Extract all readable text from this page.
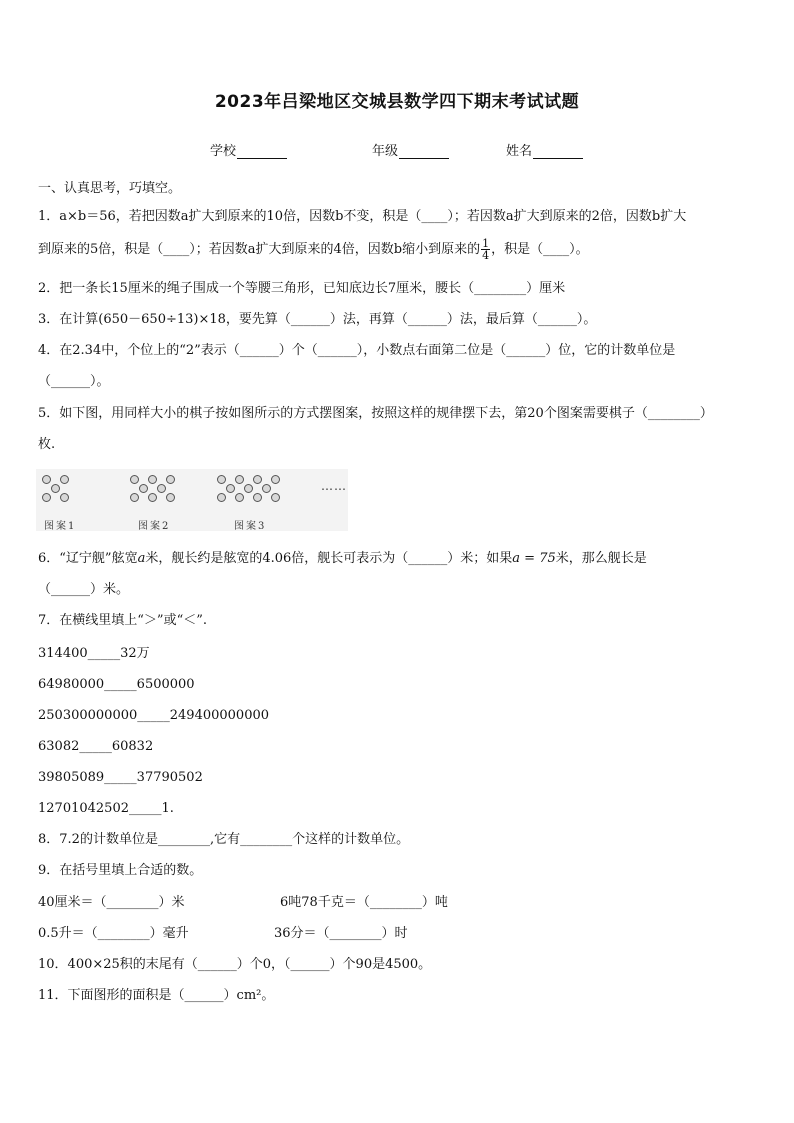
2023年吕梁地区交城县数学四下期末考试试题
学校	年级	姓名
一、认真思考，巧填空。
1．a×b＝56，若把因数a扩大到原来的10倍，因数b不变，积是（____）；若因数a扩大到原来的2倍，因数b扩大
到原来的5倍，积是（____）；若因数a扩大到原来的4倍，因数b缩小到原来的 $\frac{1}{4}$ ，积是（____）。
2．把一条长15厘米的绳子围成一个等腰三角形，已知底边长7厘米，腰长（________）厘米
3．在计算(650－650÷13)×18，要先算（______）法，再算（______）法，最后算（______）。
4．在2.34中，个位上的“2”表示（______）个（______），小数点右面第二位是（______）位，它的计数单位是
（______）。
5．如下图，用同样大小的棋子按如图所示的方式摆图案，按照这样的规律摆下去，第20个图案需要棋子（________）
枚.
……
图案1	图案2	图案3
6．“辽宁舰”舷宽a米，舰长约是舷宽的4.06倍，舰长可表示为（______）米；如果a = 75米，那么舰长是
（______）米。
7．在横线里填上“＞”或“＜”.
314400_____32万
64980000_____6500000
250300000000_____249400000000
63082_____60832
39805089_____37790502
12701042502_____1.
8．7.2的计数单位是________,它有________个这样的计数单位。
9．在括号里填上合适的数。
40厘米＝（________）米	6吨78千克＝（________）吨
0.5升＝（________）毫升	36分＝（________）时
10．400×25积的末尾有（______）个0，（______）个90是4500。
11．下面图形的面积是（______）cm²。
